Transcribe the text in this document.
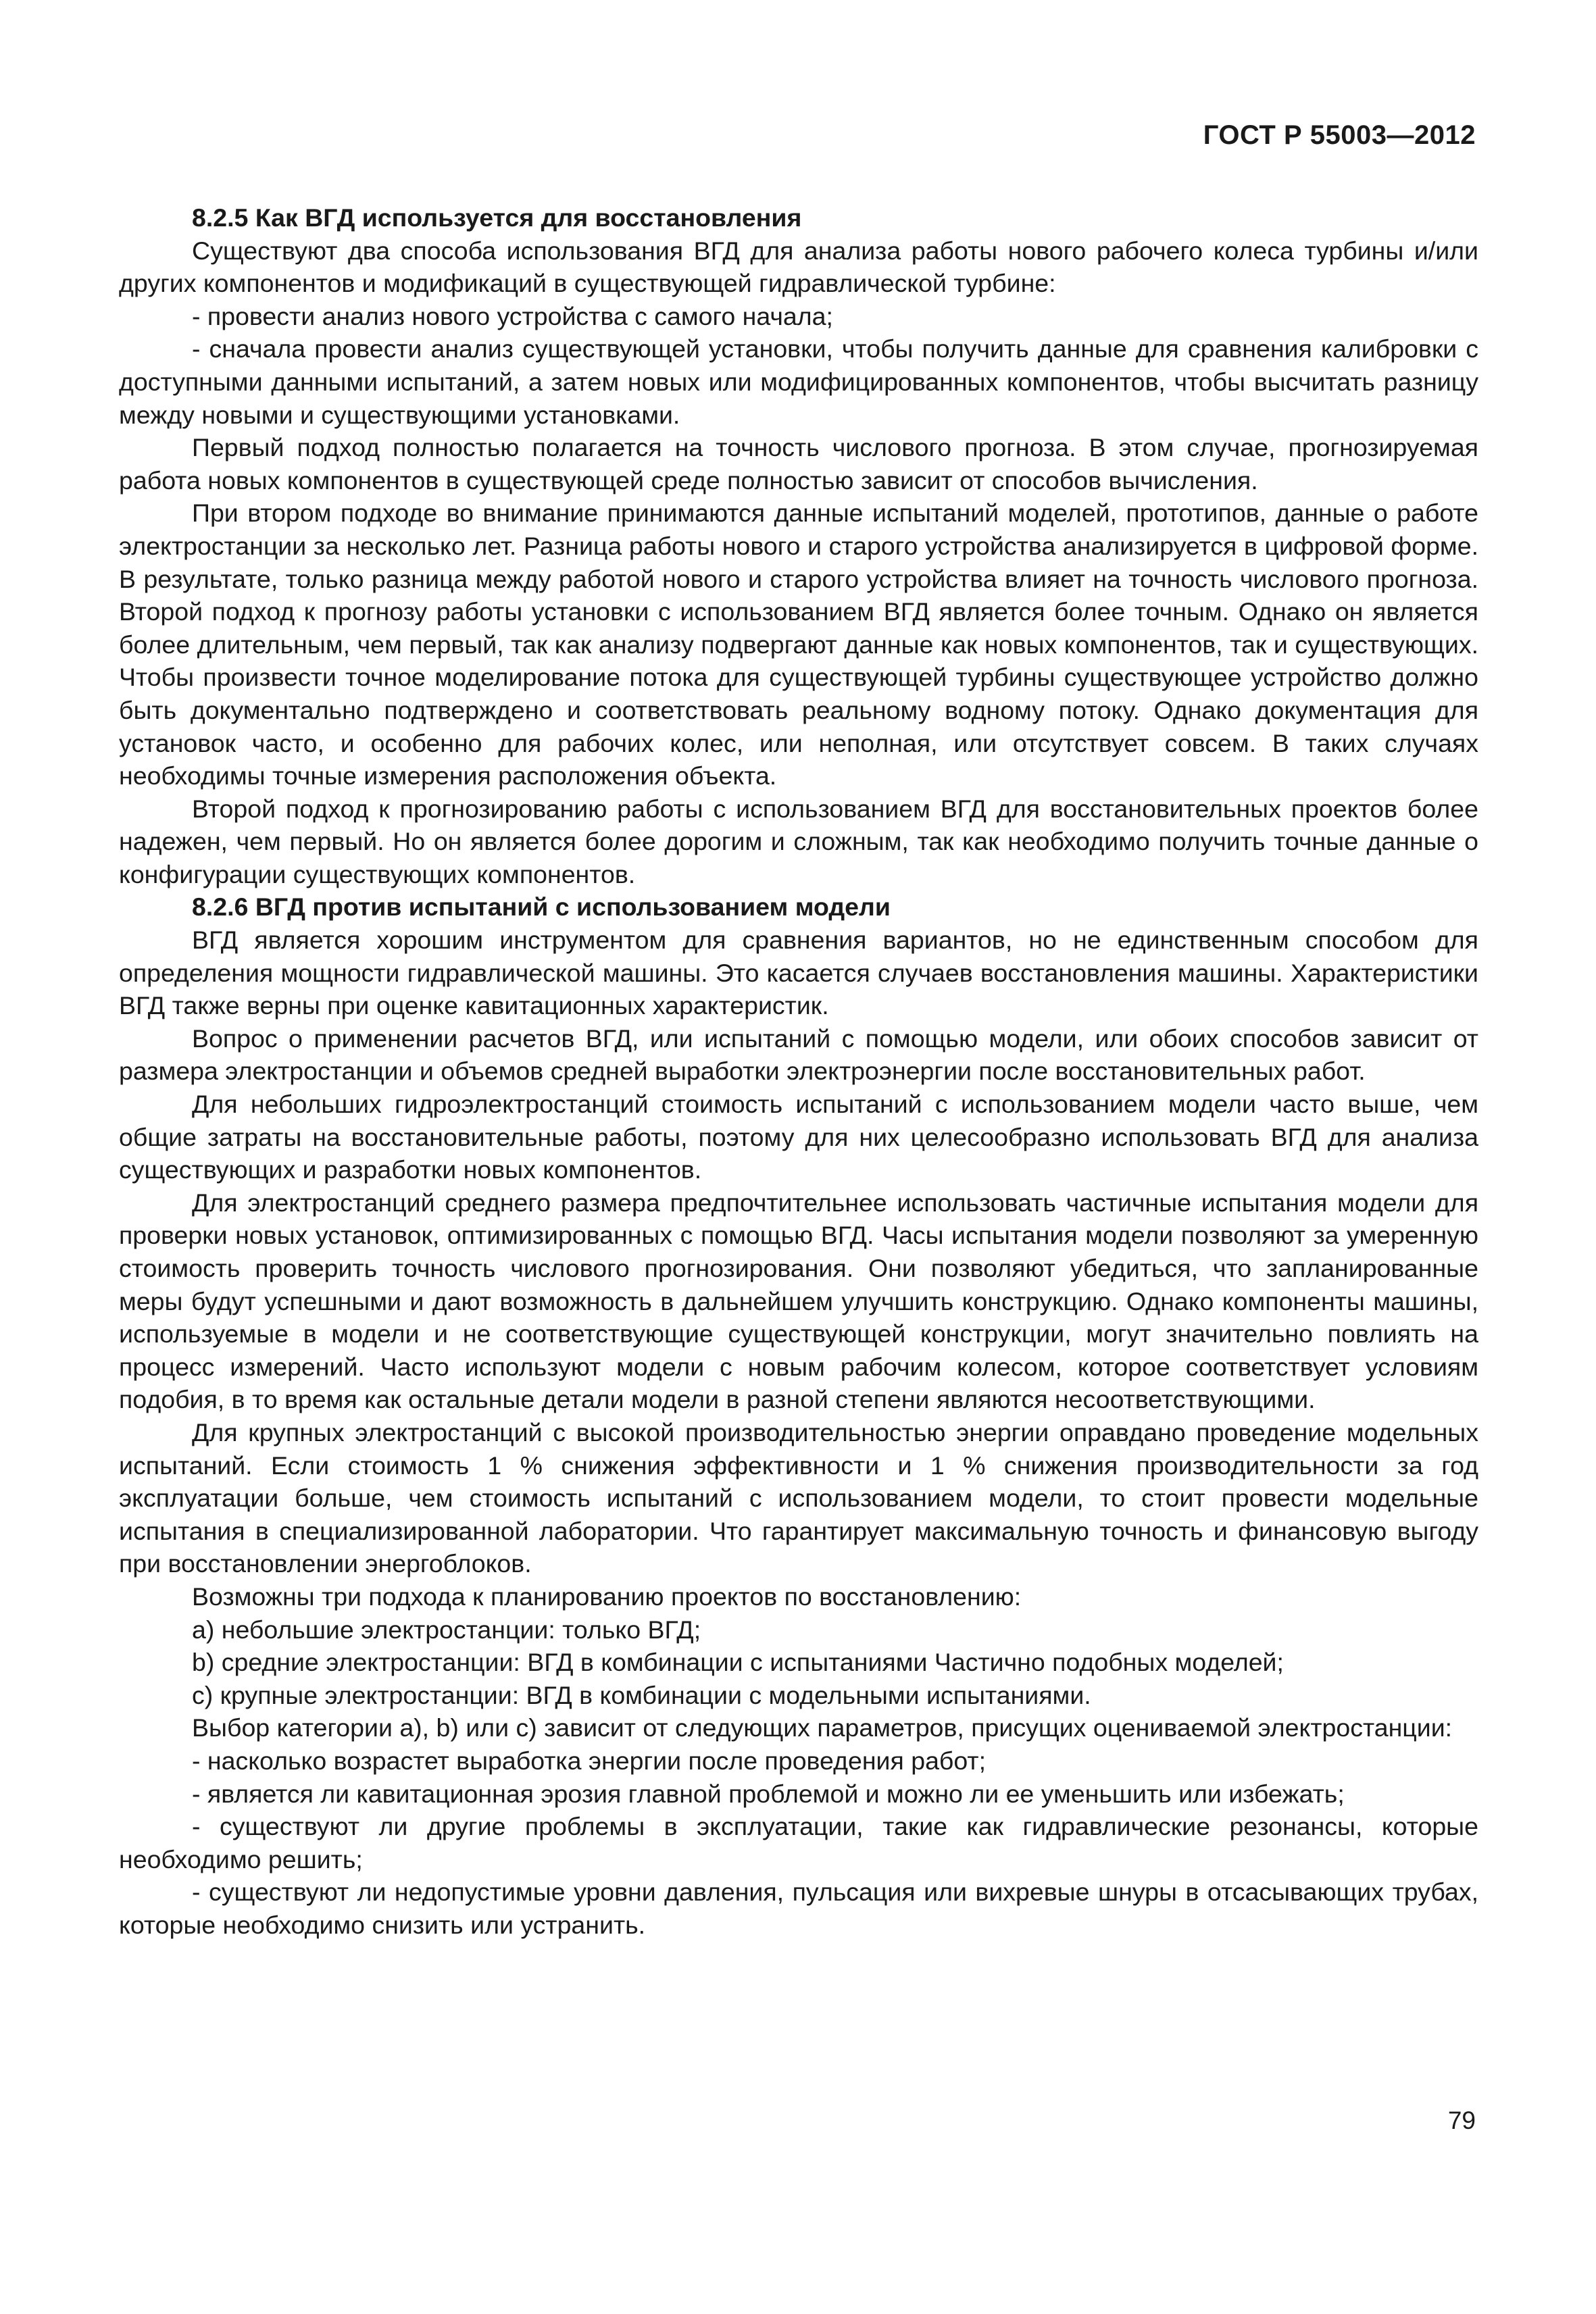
ГОСТ Р 55003—2012

8.2.5 Как ВГД используется для восстановления

Существуют два способа использования ВГД для анализа работы нового рабочего колеса турбины и/или других компонентов и модификаций в существующей гидравлической турбине:

- провести анализ нового устройства с самого начала;

- сначала провести анализ существующей установки, чтобы получить данные для сравнения калибровки с доступными данными испытаний, а затем новых или модифицированных компонентов, чтобы высчитать разницу между новыми и существующими установками.

Первый подход полностью полагается на точность числового прогноза. В этом случае, прогнозируемая работа новых компонентов в существующей среде полностью зависит от способов вычисления.

При втором подходе во внимание принимаются данные испытаний моделей, прототипов, данные о работе электростанции за несколько лет. Разница работы нового и старого устройства анализируется в цифровой форме. В результате, только разница между работой нового и старого устройства влияет на точность числового прогноза. Второй подход к прогнозу работы установки с использованием ВГД является более точным. Однако он является более длительным, чем первый, так как анализу подвергают данные как новых компонентов, так и существующих. Чтобы произвести точное моделирование потока для существующей турбины существующее устройство должно быть документально подтверждено и соответствовать реальному водному потоку. Однако документация для установок часто, и особенно для рабочих колес, или неполная, или отсутствует совсем. В таких случаях необходимы точные измерения расположения объекта.

Второй подход к прогнозированию работы с использованием ВГД для восстановительных проектов более надежен, чем первый. Но он является более дорогим и сложным, так как необходимо получить точные данные о конфигурации существующих компонентов.

8.2.6 ВГД против испытаний с использованием модели

ВГД является хорошим инструментом для сравнения вариантов, но не единственным способом для определения мощности гидравлической машины. Это касается случаев восстановления машины. Характеристики ВГД также верны при оценке кавитационных характеристик.

Вопрос о применении расчетов ВГД, или испытаний с помощью модели, или обоих способов зависит от размера электростанции и объемов средней выработки электроэнергии после восстановительных работ.

Для небольших гидроэлектростанций стоимость испытаний с использованием модели часто выше, чем общие затраты на восстановительные работы, поэтому для них целесообразно использовать ВГД для анализа существующих и разработки новых компонентов.

Для электростанций среднего размера предпочтительнее использовать частичные испытания модели для проверки новых установок, оптимизированных с помощью ВГД. Часы испытания модели позволяют за умеренную стоимость проверить точность числового прогнозирования. Они позволяют убедиться, что запланированные меры будут успешными и дают возможность в дальнейшем улучшить конструкцию. Однако компоненты машины, используемые в модели и не соответствующие существующей конструкции, могут значительно повлиять на процесс измерений. Часто используют модели с новым рабочим колесом, которое соответствует условиям подобия, в то время как остальные детали модели в разной степени являются несоответствующими.

Для крупных электростанций с высокой производительностью энергии оправдано проведение модельных испытаний. Если стоимость 1 % снижения эффективности и 1 % снижения производительности за год эксплуатации больше, чем стоимость испытаний с использованием модели, то стоит провести модельные испытания в специализированной лаборатории. Что гарантирует максимальную точность и финансовую выгоду при восстановлении энергоблоков.

Возможны три подхода к планированию проектов по восстановлению:

a) небольшие электростанции: только ВГД;

b) средние электростанции: ВГД в комбинации с испытаниями Частично подобных моделей;

c) крупные электростанции: ВГД в комбинации с модельными испытаниями.

Выбор категории a), b) или c) зависит от следующих параметров, присущих оцениваемой электростанции:

- насколько возрастет выработка энергии после проведения работ;

- является ли кавитационная эрозия главной проблемой и можно ли ее уменьшить или избежать;

- существуют ли другие проблемы в эксплуатации, такие как гидравлические резонансы, которые необходимо решить;

- существуют ли недопустимые уровни давления, пульсация или вихревые шнуры в отсасывающих трубах, которые необходимо снизить или устранить.

79
